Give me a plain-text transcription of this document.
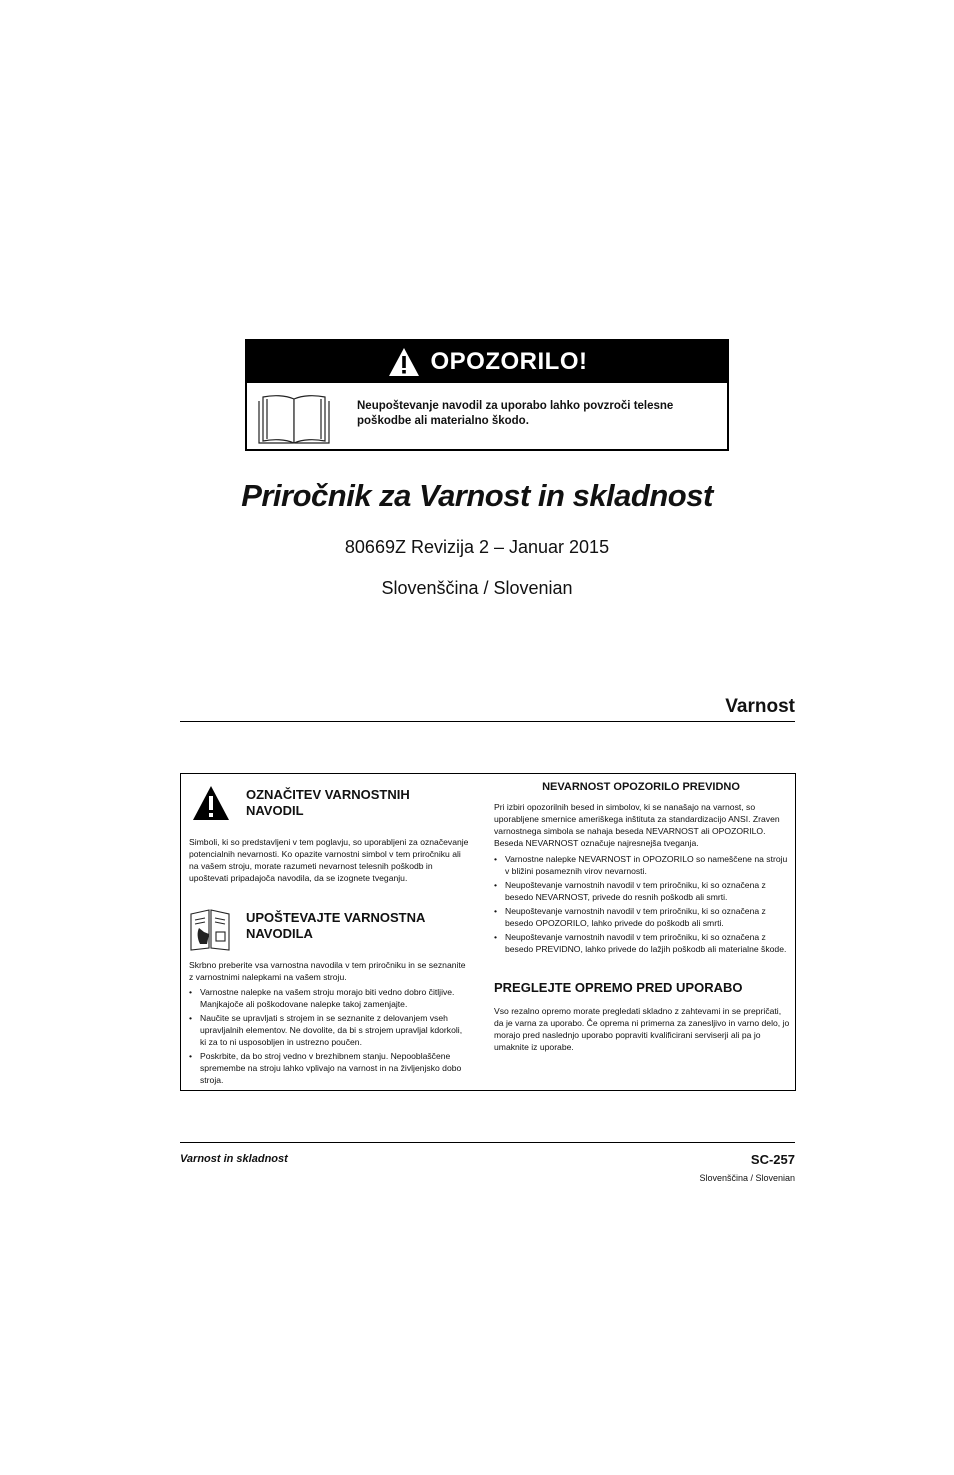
OPOZORILO!
Neupoštevanje navodil za uporabo lahko povzroči telesne poškodbe ali materialno škodo.
Priročnik za Varnost in skladnost
80669Z Revizija 2 – Januar 2015
Slovenščina / Slovenian
Varnost
OZNAČITEV VARNOSTNIH NAVODIL
Simboli, ki so predstavljeni v tem poglavju, so uporabljeni za označevanje potencialnih nevarnosti. Ko opazite varnostni simbol v tem priročniku ali na vašem stroju, morate razumeti nevarnost telesnih poškodb in upoštevati pripadajoča navodila, da se izognete tveganju.
UPOŠTEVAJTE VARNOSTNA NAVODILA
Skrbno preberite vsa varnostna navodila v tem priročniku in se seznanite z varnostnimi nalepkami na vašem stroju.
• Varnostne nalepke na vašem stroju morajo biti vedno dobro čitljive. Manjkajoče ali poškodovane nalepke takoj zamenjajte.
• Naučite se upravljati s strojem in se seznanite z delovanjem vseh upravljalnih elementov. Ne dovolite, da bi s strojem upravljal kdorkoli, ki za to ni usposobljen in ustrezno poučen.
• Poskrbite, da bo stroj vedno v brezhibnem stanju. Nepooblaščene spremembe na stroju lahko vplivajo na varnost in na življenjsko dobo stroja.
NEVARNOST OPOZORILO PREVIDNO
Pri izbiri opozorilnih besed in simbolov, ki se nanašajo na varnost, so uporabljene smernice ameriškega inštituta za standardizacijo ANSI. Zraven varnostnega simbola se nahaja beseda NEVARNOST ali OPOZORILO. Beseda NEVARNOST označuje najresnejša tveganja.
• Varnostne nalepke NEVARNOST in OPOZORILO so nameščene na stroju v bližini posameznih virov nevarnosti.
• Neupoštevanje varnostnih navodil v tem priročniku, ki so označena z besedo NEVARNOST, privede do resnih poškodb ali smrti.
• Neupoštevanje varnostnih navodil v tem priročniku, ki so označena z besedo OPOZORILO, lahko privede do poškodb ali smrti.
• Neupoštevanje varnostnih navodil v tem priročniku, ki so označena z besedo PREVIDNO, lahko privede do lažjih poškodb ali materialne škode.
PREGLEJTE OPREMO PRED UPORABO
Vso rezalno opremo morate pregledati skladno z zahtevami in se prepričati, da je varna za uporabo. Če oprema ni primerna za zanesljivo in varno delo, jo morajo pred naslednjo uporabo popraviti kvalificirani serviserji ali pa jo umaknite iz uporabe.
Varnost in skladnost	SC-257
Slovenščina / Slovenian
